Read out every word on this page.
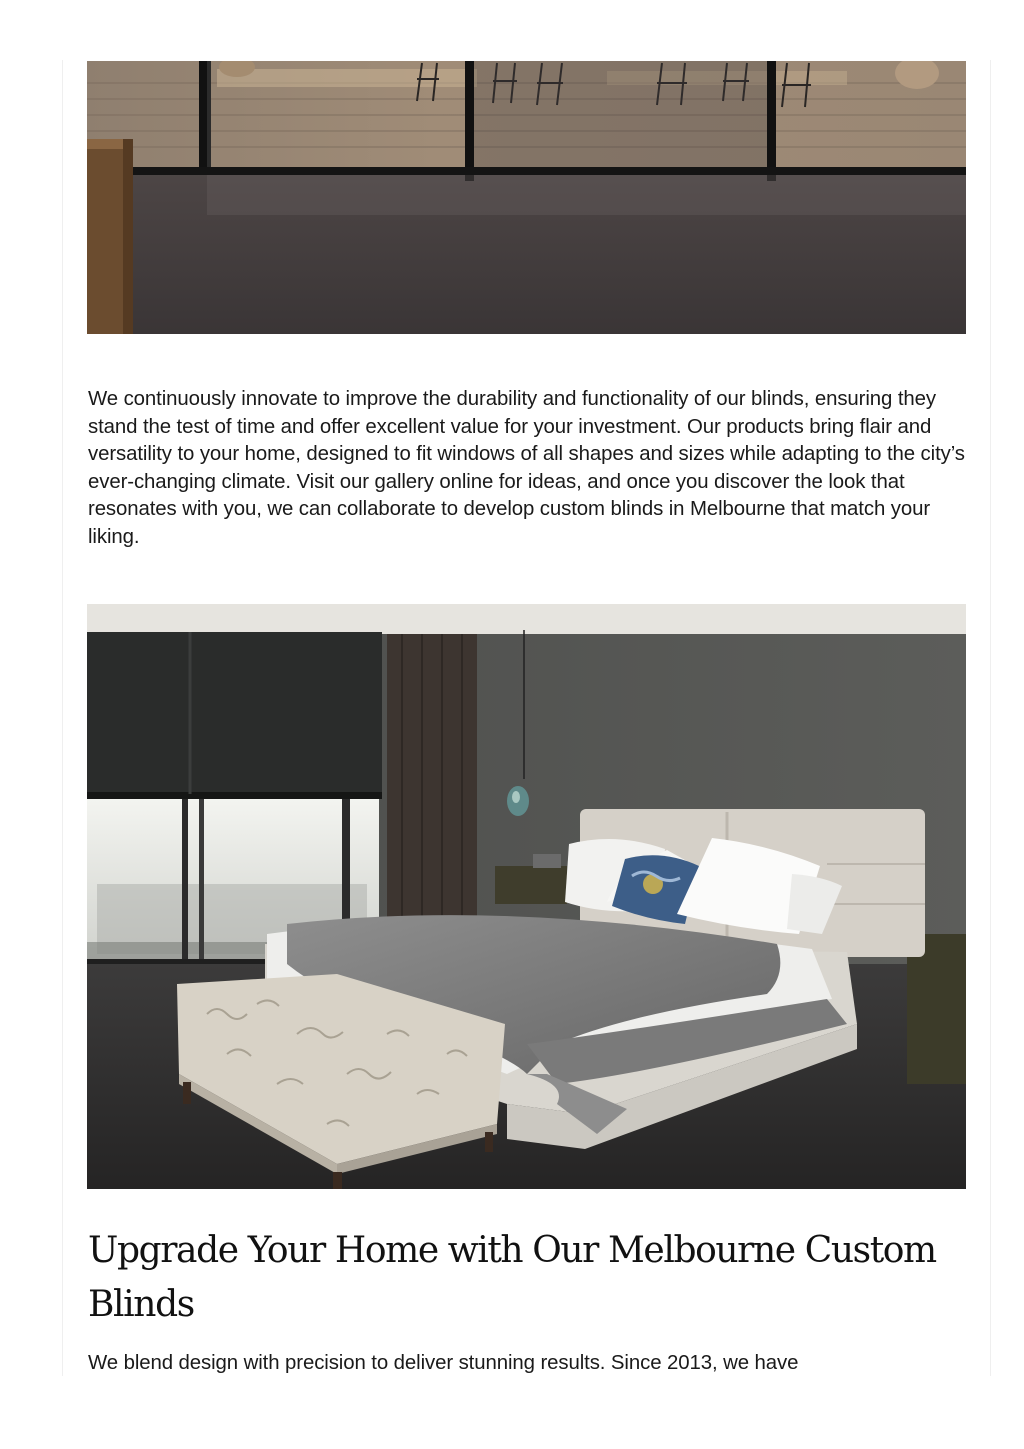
We continuously innovate to improve the durability and functionality of our blinds, ensuring they stand the test of time and offer excellent value for your investment. Our products bring flair and versatility to your home, designed to fit windows of all shapes and sizes while adapting to the city’s ever-changing climate. Visit our gallery online for ideas, and once you discover the look that resonates with you, we can collaborate to develop custom blinds in Melbourne that match your liking.

Upgrade Your Home with Our Melbourne Custom Blinds

We blend design with precision to deliver stunning results. Since 2013, we have
